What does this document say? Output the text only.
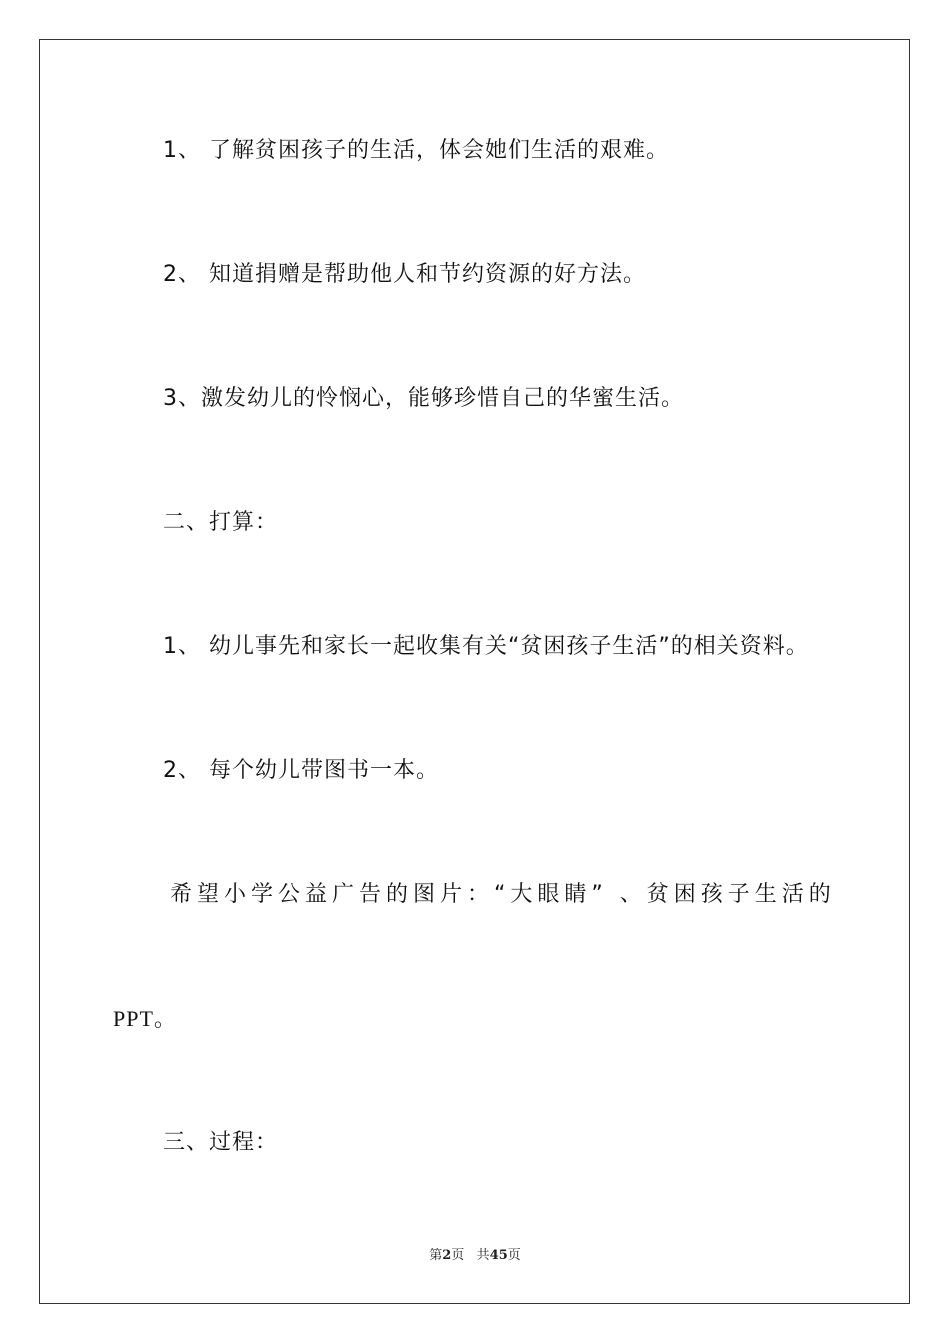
1、 了解贫困孩子的生活，体会她们生活的艰难。

2、 知道捐赠是帮助他人和节约资源的好方法。

3、激发幼儿的怜悯心，能够珍惜自己的华蜜生活。

二、打算：

1、 幼儿事先和家长一起收集有关“贫困孩子生活”的相关资料。

2、 每个幼儿带图书一本。

希望小学公益广告的图片：“大眼睛” 、贫困孩子生活的

PPT。

三、过程：

第2页 共45页
